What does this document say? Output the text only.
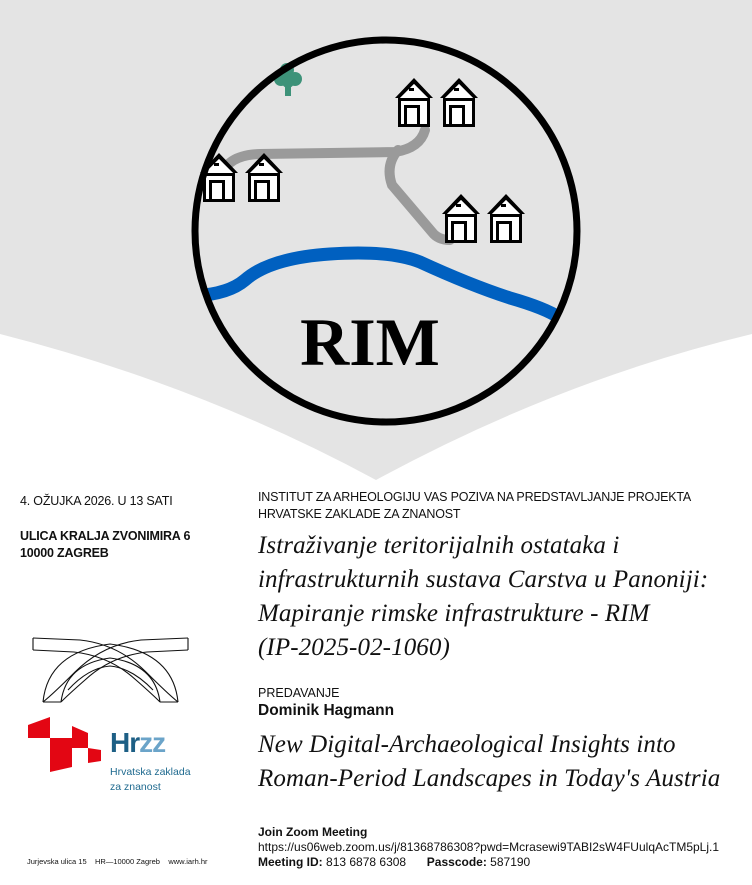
RIM
4. OŽUJKA 2026. U 13 SATI
ULICA KRALJA ZVONIMIRA 6
10000 ZAGREB
Hrzz
Hrvatska zaklada
za znanost
Jurjevska ulica 15    HR—10000 Zagreb    www.iarh.hr
INSTITUT ZA ARHEOLOGIJU VAS POZIVA NA PREDSTAVLJANJE PROJEKTA
HRVATSKE ZAKLADE ZA ZNANOST
Istraživanje teritorijalnih ostataka i
infrastrukturnih sustava Carstva u Panoniji:
Mapiranje rimske infrastrukture - RIM
(IP-2025-02-1060)
PREDAVANJE
Dominik Hagmann
New Digital-Archaeological Insights into
Roman-Period Landscapes in Today's Austria
Join Zoom Meeting
https://us06web.zoom.us/j/81368786308?pwd=Mcrasewi9TABI2sW4FUulqAcTM5pLj.1
Meeting ID: 813 6878 6308 Passcode: 587190
